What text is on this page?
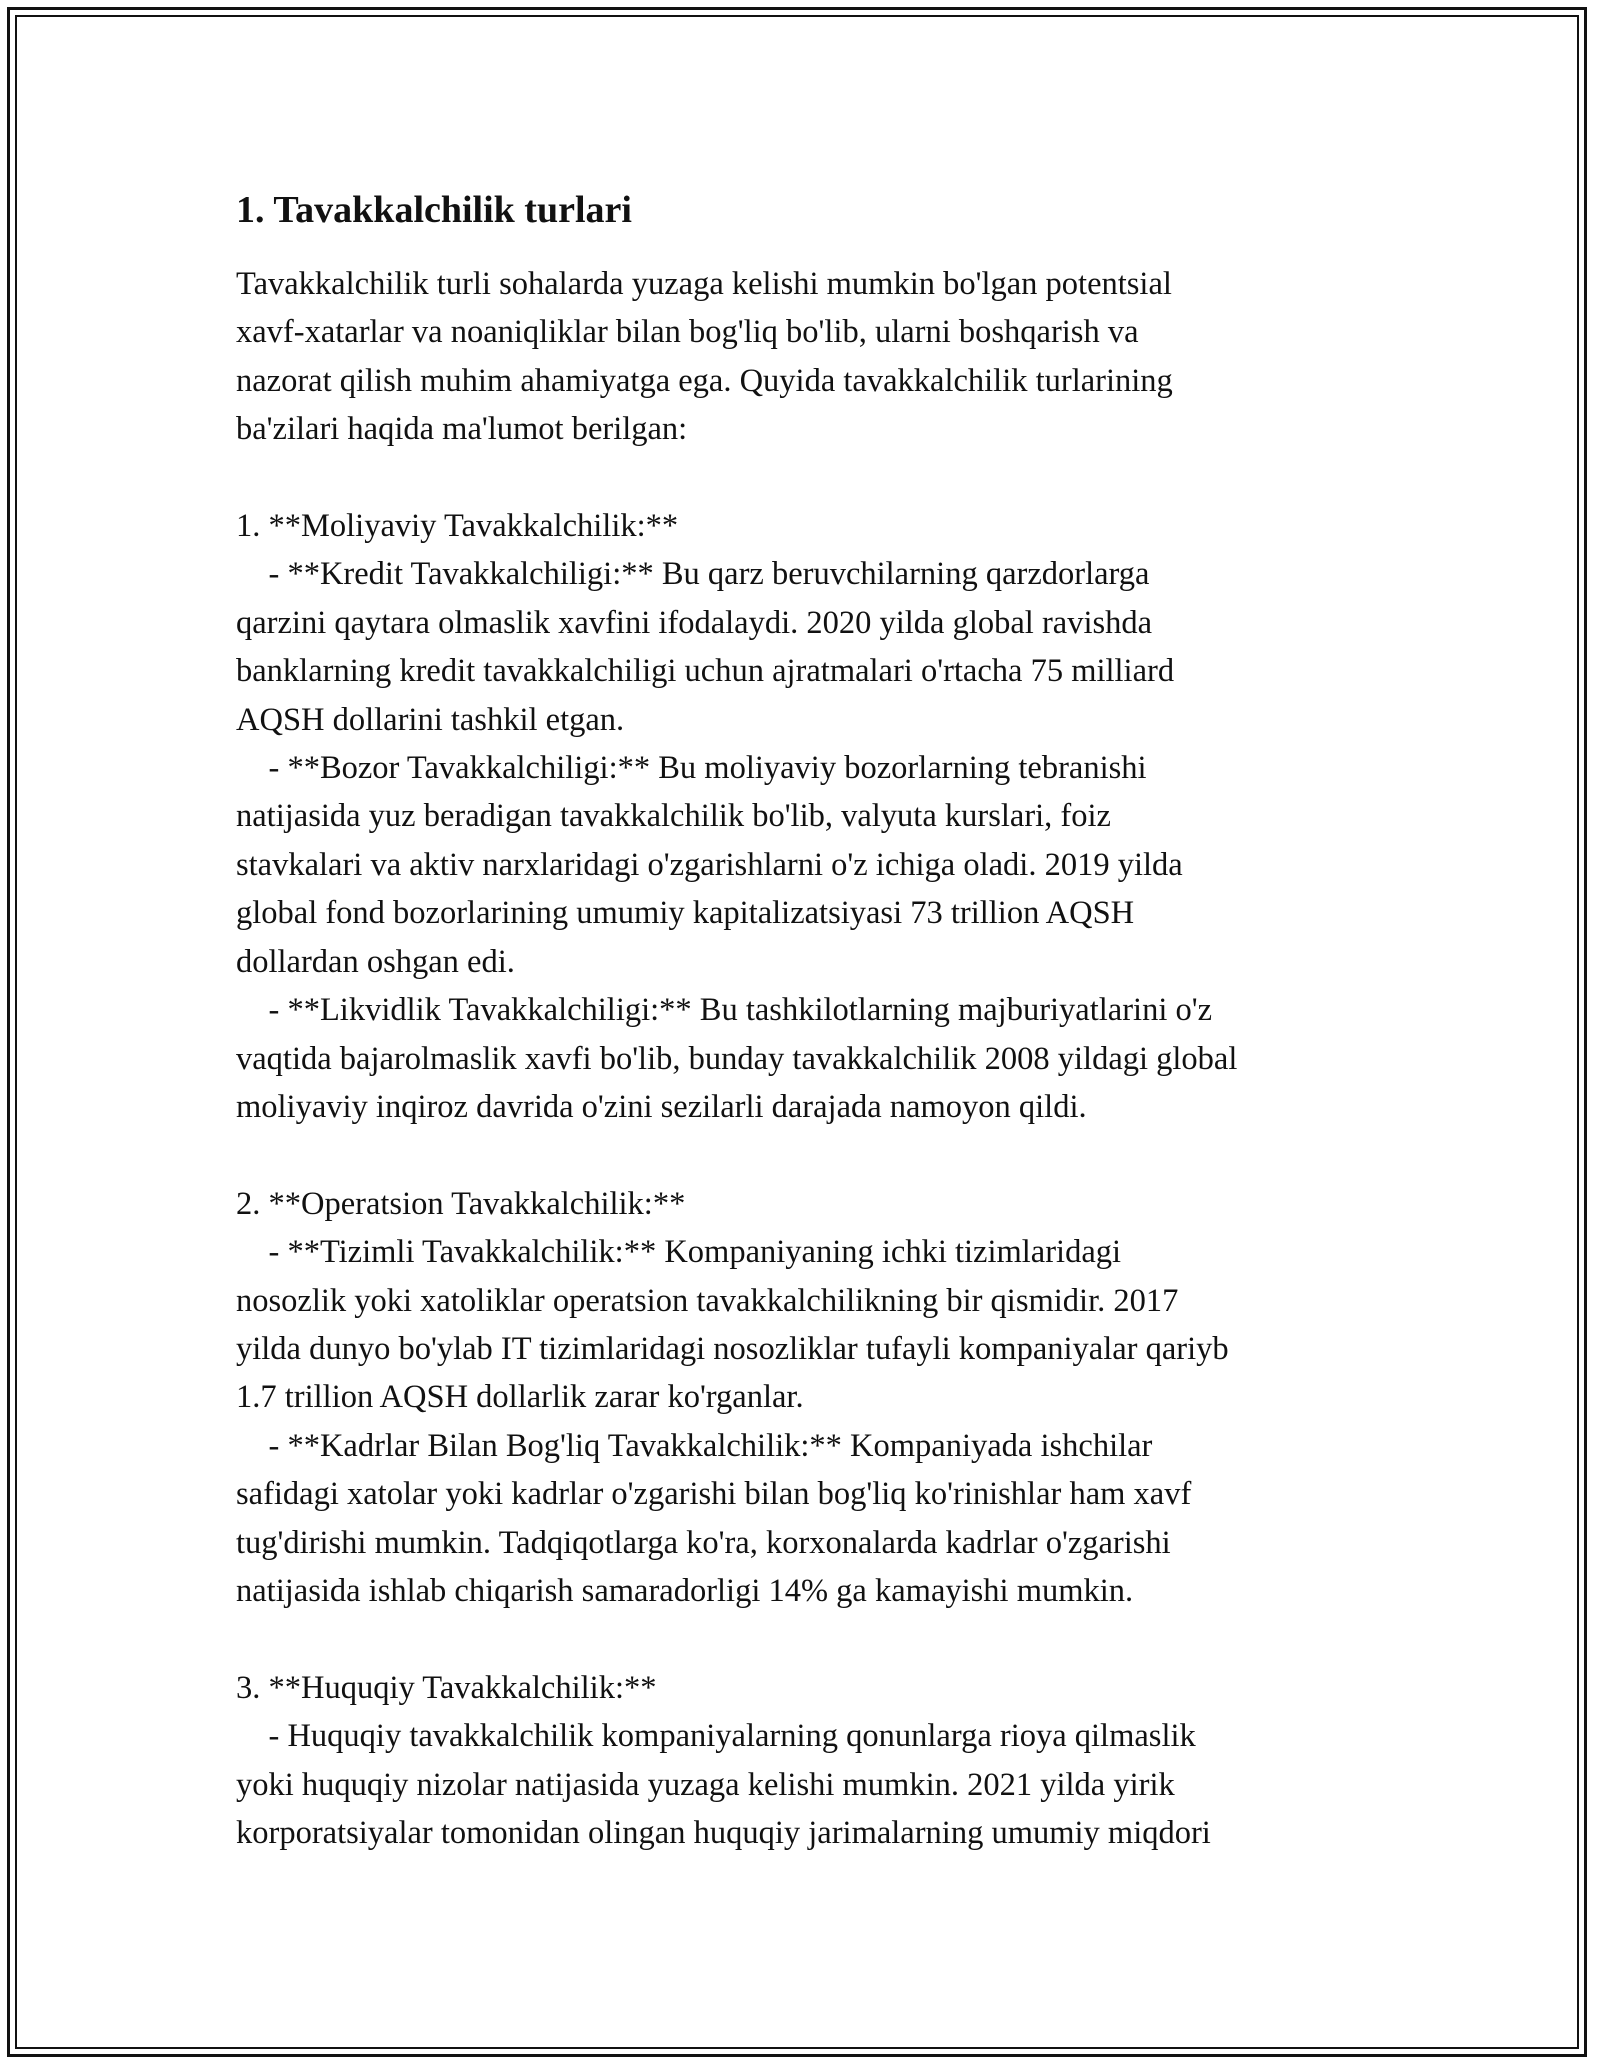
1. Tavakkalchilik turlari
Tavakkalchilik turli sohalarda yuzaga kelishi mumkin bo'lgan potentsial
xavf-xatarlar va noaniqliklar bilan bog'liq bo'lib, ularni boshqarish va
nazorat qilish muhim ahamiyatga ega. Quyida tavakkalchilik turlarining
ba'zilari haqida ma'lumot berilgan:

1. **Moliyaviy Tavakkalchilik:**
- **Kredit Tavakkalchiligi:** Bu qarz beruvchilarning qarzdorlarga
qarzini qaytara olmaslik xavfini ifodalaydi. 2020 yilda global ravishda
banklarning kredit tavakkalchiligi uchun ajratmalari o'rtacha 75 milliard
AQSH dollarini tashkil etgan.
- **Bozor Tavakkalchiligi:** Bu moliyaviy bozorlarning tebranishi
natijasida yuz beradigan tavakkalchilik bo'lib, valyuta kurslari, foiz
stavkalari va aktiv narxlaridagi o'zgarishlarni o'z ichiga oladi. 2019 yilda
global fond bozorlarining umumiy kapitalizatsiyasi 73 trillion AQSH
dollardan oshgan edi.
- **Likvidlik Tavakkalchiligi:** Bu tashkilotlarning majburiyatlarini o'z
vaqtida bajarolmaslik xavfi bo'lib, bunday tavakkalchilik 2008 yildagi global
moliyaviy inqiroz davrida o'zini sezilarli darajada namoyon qildi.

2. **Operatsion Tavakkalchilik:**
- **Tizimli Tavakkalchilik:** Kompaniyaning ichki tizimlaridagi
nosozlik yoki xatoliklar operatsion tavakkalchilikning bir qismidir. 2017
yilda dunyo bo'ylab IT tizimlaridagi nosozliklar tufayli kompaniyalar qariyb
1.7 trillion AQSH dollarlik zarar ko'rganlar.
- **Kadrlar Bilan Bog'liq Tavakkalchilik:** Kompaniyada ishchilar
safidagi xatolar yoki kadrlar o'zgarishi bilan bog'liq ko'rinishlar ham xavf
tug'dirishi mumkin. Tadqiqotlarga ko'ra, korxonalarda kadrlar o'zgarishi
natijasida ishlab chiqarish samaradorligi 14% ga kamayishi mumkin.

3. **Huquqiy Tavakkalchilik:**
- Huquqiy tavakkalchilik kompaniyalarning qonunlarga rioya qilmaslik
yoki huquqiy nizolar natijasida yuzaga kelishi mumkin. 2021 yilda yirik
korporatsiyalar tomonidan olingan huquqiy jarimalarning umumiy miqdori
